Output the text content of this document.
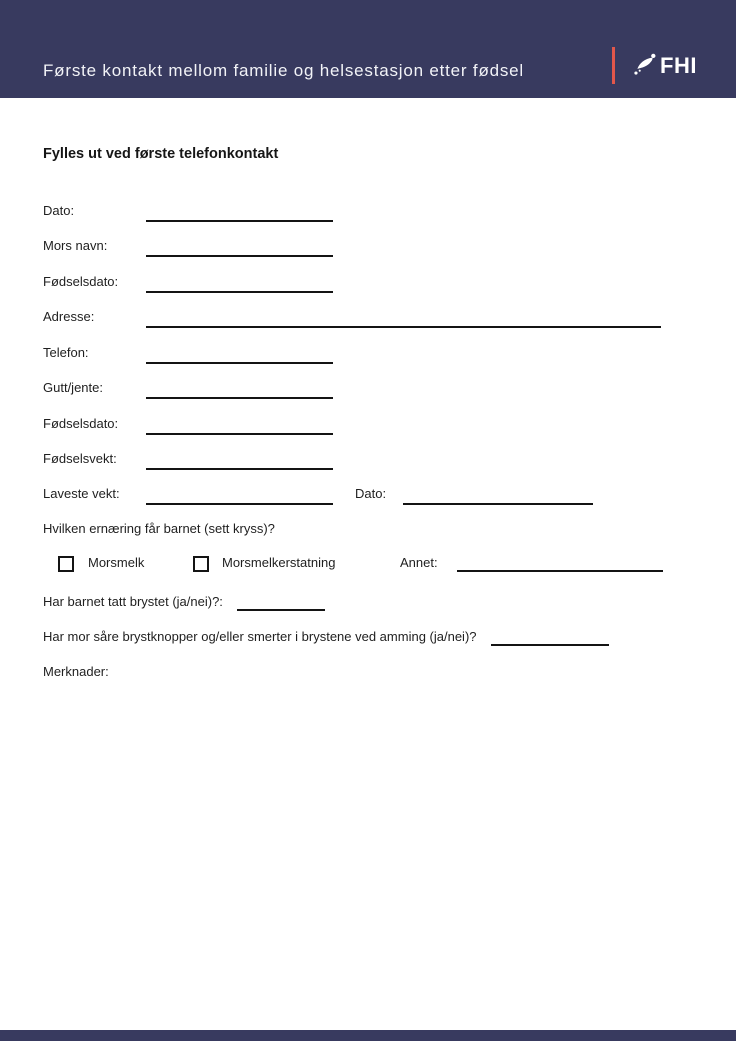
Første kontakt mellom familie og helsestasjon etter fødsel	FHI
Fylles ut ved første telefonkontakt
Dato:
Mors navn:
Fødselsdato:
Adresse:
Telefon:
Gutt/jente:
Fødselsdato:
Fødselsvekt:
Laveste vekt:	Dato:
Hvilken ernæring får barnet (sett kryss)?
Morsmelk	Morsmelkerstatning	Annet:
Har barnet tatt brystet (ja/nei)?:
Har mor såre brystknopper og/eller smerter i brystene ved amming (ja/nei)?
Merknader:
